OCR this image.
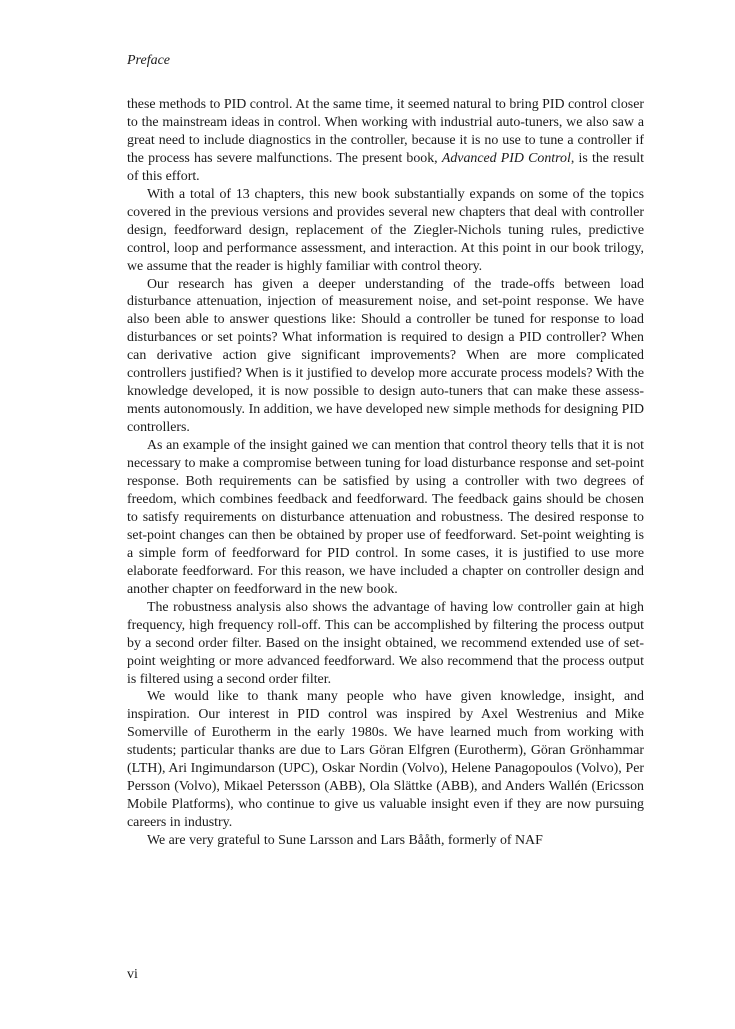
Preface

these methods to PID control. At the same time, it seemed natural to bring PID control closer to the mainstream ideas in control. When working with industrial auto-tuners, we also saw a great need to include diagnostics in the controller, because it is no use to tune a controller if the process has severe malfunctions. The present book, Advanced PID Control, is the result of this effort.

With a total of 13 chapters, this new book substantially expands on some of the topics covered in the previous versions and provides several new chapters that deal with controller design, feedforward design, replacement of the Ziegler-Nichols tuning rules, predictive control, loop and performance assessment, and interaction. At this point in our book trilogy, we assume that the reader is highly familiar with control theory.

Our research has given a deeper understanding of the trade-offs between load disturbance attenuation, injection of measurement noise, and set-point response. We have also been able to answer questions like: Should a controller be tuned for response to load disturbances or set points? What information is required to design a PID controller? When can derivative action give significant improvements? When are more complicated controllers justified? When is it justified to develop more accurate process models? With the knowledge developed, it is now possible to design auto-tuners that can make these assessments autonomously. In addition, we have developed new simple methods for designing PID controllers.

As an example of the insight gained we can mention that control theory tells that it is not necessary to make a compromise between tuning for load disturbance response and set-point response. Both requirements can be satisfied by using a controller with two degrees of freedom, which combines feedback and feedforward. The feedback gains should be chosen to satisfy requirements on disturbance attenuation and robustness. The desired response to set-point changes can then be obtained by proper use of feedforward. Set-point weighting is a simple form of feedforward for PID control. In some cases, it is justified to use more elaborate feedforward. For this reason, we have included a chapter on controller design and another chapter on feedforward in the new book.

The robustness analysis also shows the advantage of having low controller gain at high frequency, high frequency roll-off. This can be accomplished by filtering the process output by a second order filter. Based on the insight obtained, we recommend extended use of set-point weighting or more advanced feedforward. We also recommend that the process output is filtered using a second order filter.

We would like to thank many people who have given knowledge, insight, and inspiration. Our interest in PID control was inspired by Axel Westrenius and Mike Somerville of Eurotherm in the early 1980s. We have learned much from working with students; particular thanks are due to Lars Göran Elfgren (Eurotherm), Göran Grönhammar (LTH), Ari Ingimundarson (UPC), Oskar Nordin (Volvo), Helene Panagopoulos (Volvo), Per Persson (Volvo), Mikael Petersson (ABB), Ola Slättke (ABB), and Anders Wallén (Ericsson Mobile Platforms), who continue to give us valuable insight even if they are now pursuing careers in industry.

We are very grateful to Sune Larsson and Lars Bååth, formerly of NAF

vi
